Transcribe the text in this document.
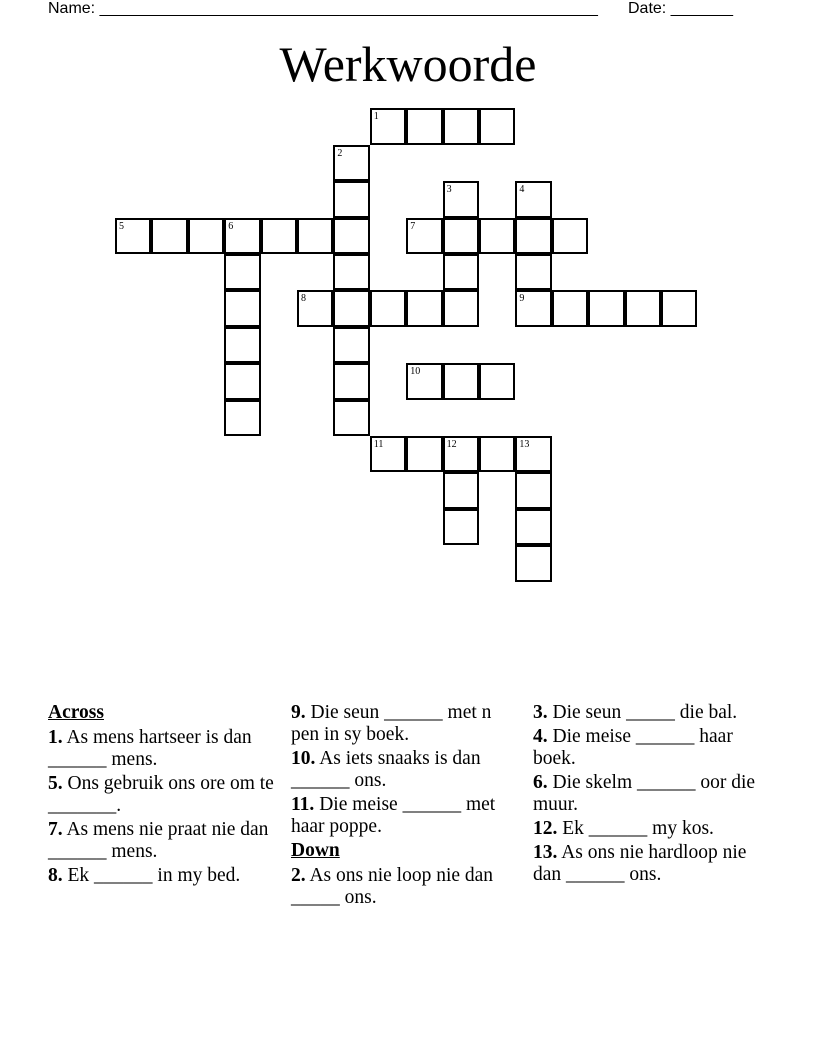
Name: ________________________________________________________ Date: _______
Werkwoorde
1
2
3	4
5	6	7
8	9
10
11	12	13
Across
1. As mens hartseer is dan ______ mens.
5. Ons gebruik ons ore om te _______.
7. As mens nie praat nie dan ______ mens.
8. Ek ______ in my bed.
9. Die seun ______ met n pen in sy boek.
10. As iets snaaks is dan ______ ons.
11. Die meise ______ met haar poppe.
Down
2. As ons nie loop nie dan _____ ons.
3. Die seun _____ die bal.
4. Die meise ______ haar boek.
6. Die skelm ______ oor die muur.
12. Ek ______ my kos.
13. As ons nie hardloop nie dan ______ ons.
